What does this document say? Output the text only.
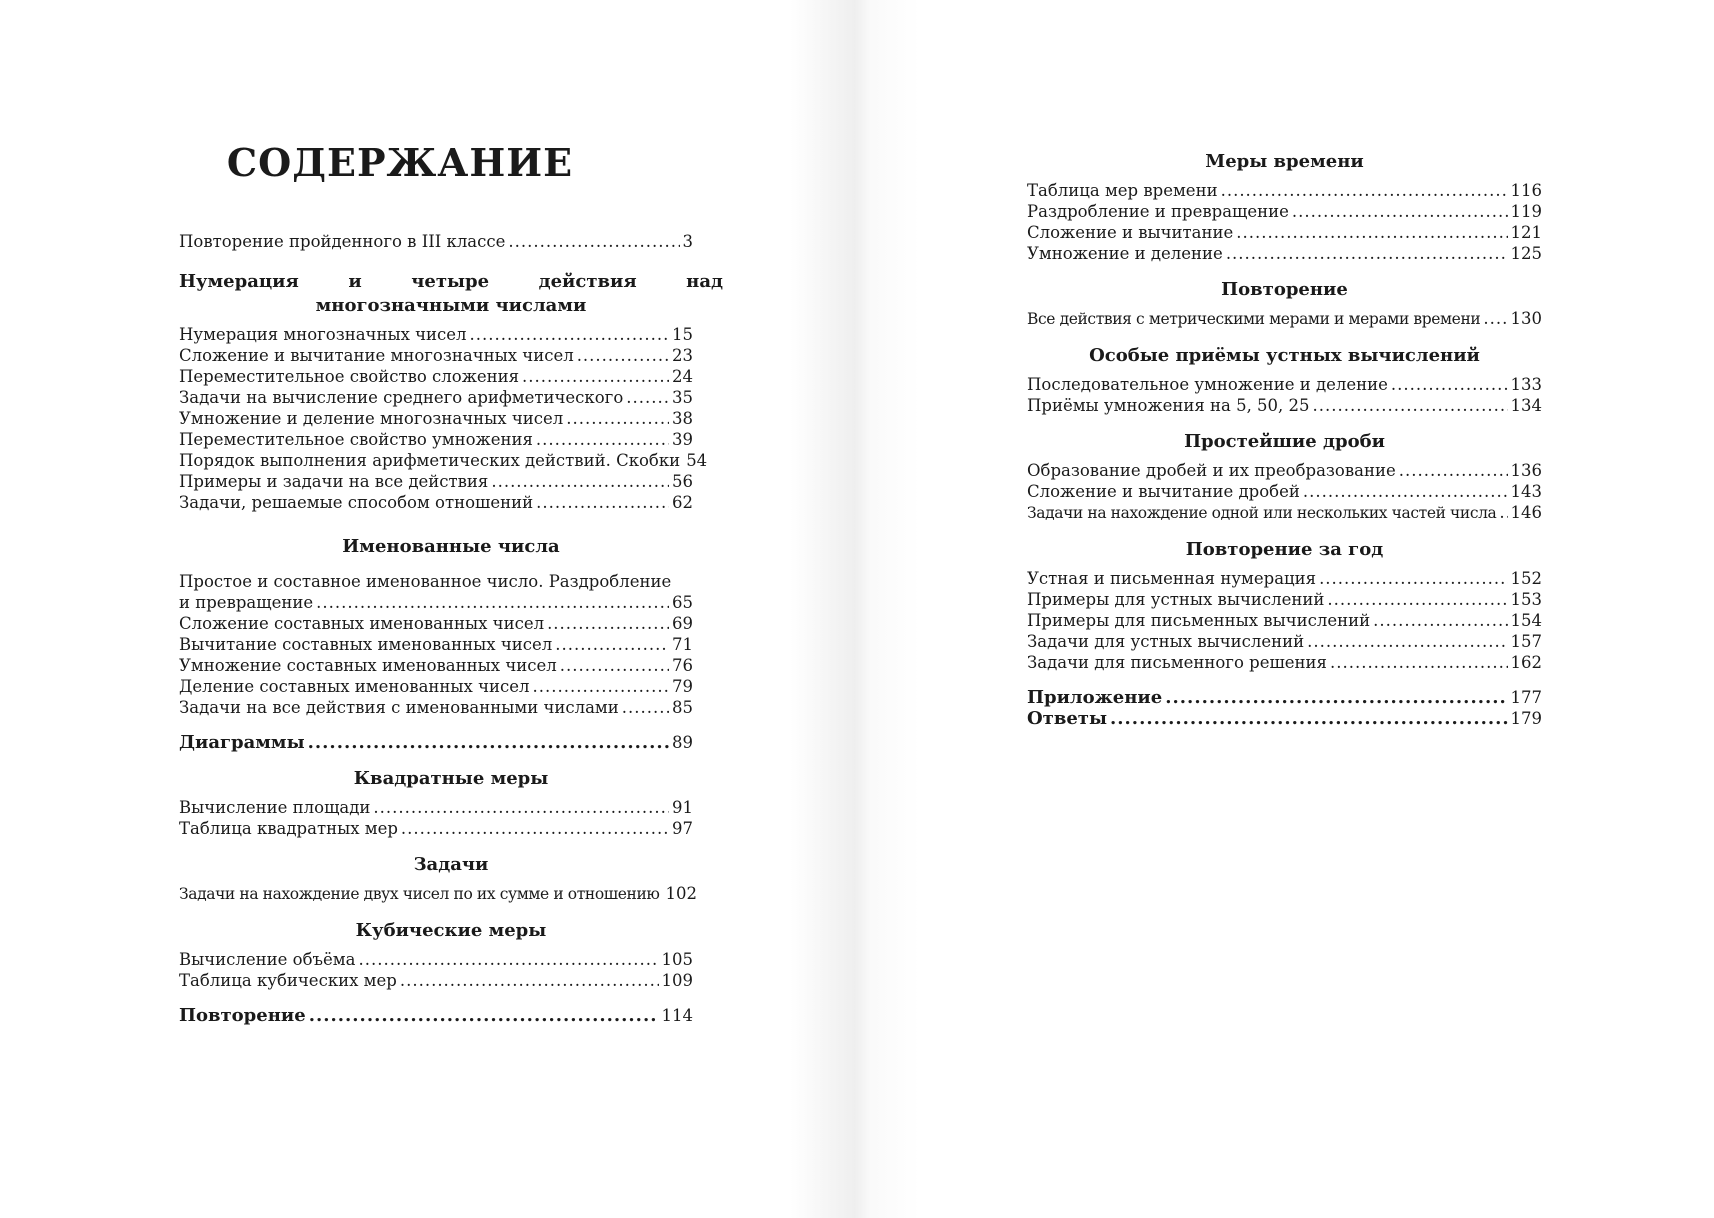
СОДЕРЖАНИЕ
Повторение пройденного в III классе .....	3
Нумерация и четыре действия над многозначными числами
Нумерация многозначных чисел .....	15
Сложение и вычитание многозначных чисел .....	23
Переместительное свойство сложения .....	24
Задачи на вычисление среднего арифметического .....	35
Умножение и деление многозначных чисел .....	38
Переместительное свойство умножения .....	39
Порядок выполнения арифметических действий. Скобки 54
Примеры и задачи на все действия .....	56
Задачи, решаемые способом отношений .....	62
Именованные числа
Простое и составное именованное число. Раздробление
и превращение .....	65
Сложение составных именованных чисел .....	69
Вычитание составных именованных чисел .....	71
Умножение составных именованных чисел .....	76
Деление составных именованных чисел .....	79
Задачи на все действия с именованными числами .....	85
Диаграммы .....	89
Квадратные меры
Вычисление площади .....	91
Таблица квадратных мер .....	97
Задачи
Задачи на нахождение двух чисел по их сумме и отношению 102
Кубические меры
Вычисление объёма .....	105
Таблица кубических мер .....	109
Повторение .....	114
Меры времени
Таблица мер времени .....	116
Раздробление и превращение .....	119
Сложение и вычитание .....	121
Умножение и деление .....	125
Повторение
Все действия с метрическими мерами и мерами времени ..... 130
Особые приёмы устных вычислений
Последовательное умножение и деление .....	133
Приёмы умножения на 5, 50, 25 .....	134
Простейшие дроби
Образование дробей и их преобразование .....	136
Сложение и вычитание дробей .....	143
Задачи на нахождение одной или нескольких частей числа ..... 146
Повторение за год
Устная и письменная нумерация .....	152
Примеры для устных вычислений .....	153
Примеры для письменных вычислений .....	154
Задачи для устных вычислений .....	157
Задачи для письменного решения .....	162
Приложение .....	177
Ответы .....	179
